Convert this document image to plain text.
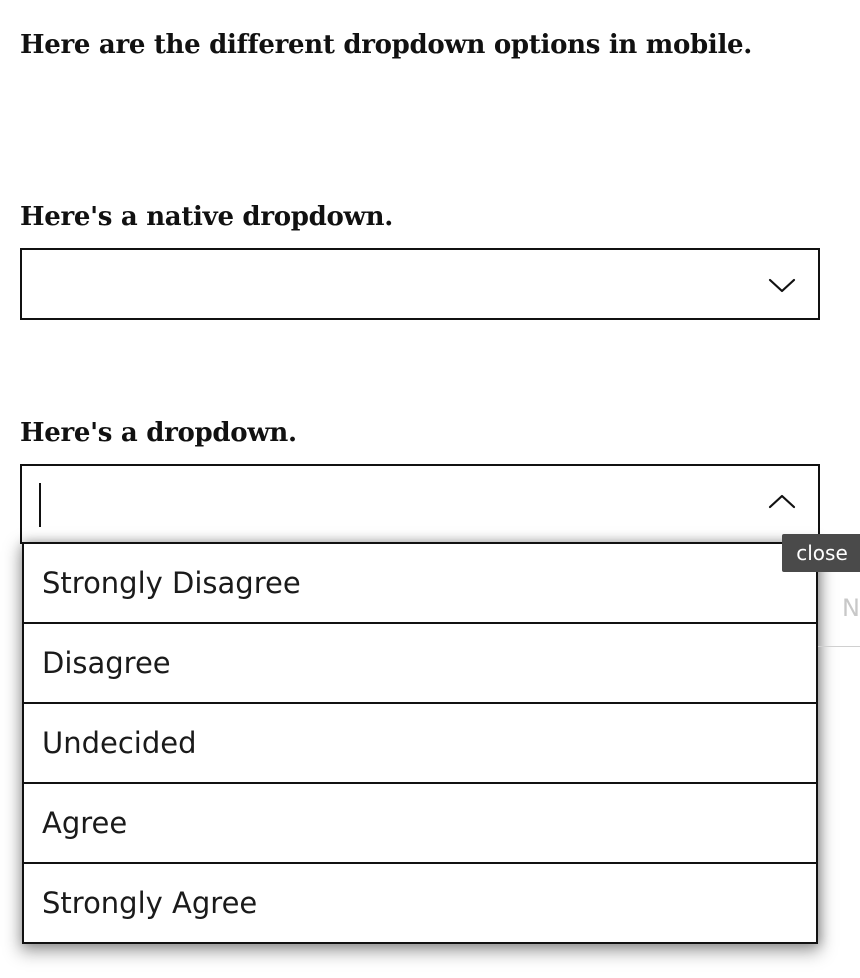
Here are the different dropdown options in mobile.
Here's a native dropdown.
Here's a dropdown.
Strongly Disagree
Disagree
Undecided
Agree
Strongly Agree
close
N
